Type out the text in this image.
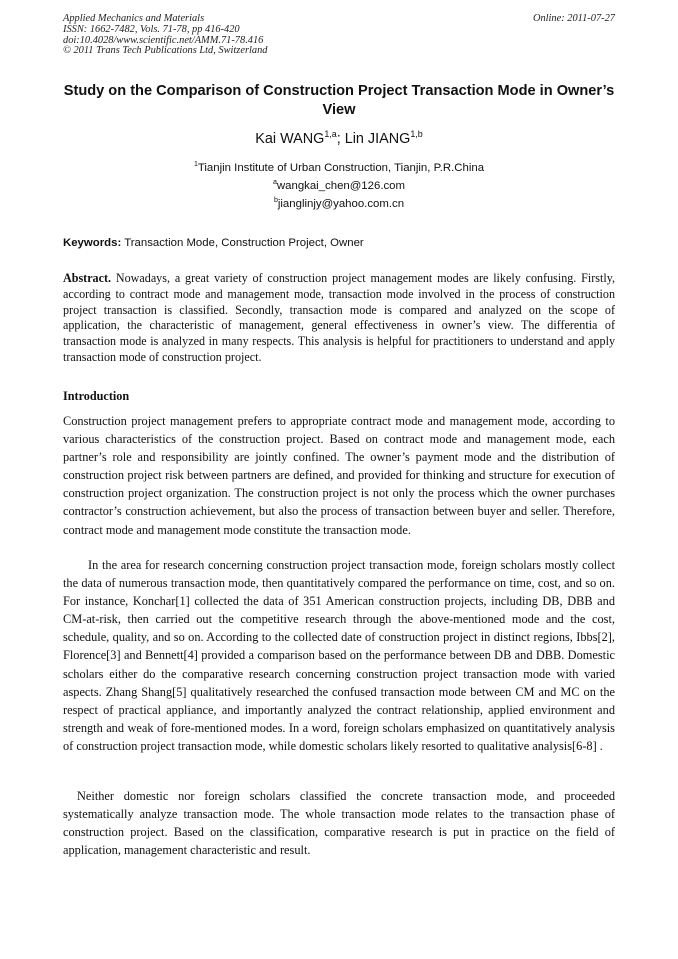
Applied Mechanics and Materials
ISSN: 1662-7482, Vols. 71-78, pp 416-420
doi:10.4028/www.scientific.net/AMM.71-78.416
© 2011 Trans Tech Publications Ltd, Switzerland
Online: 2011-07-27
Study on the Comparison of Construction Project Transaction Mode in Owner’s View
Kai WANG$^{1,a}$; Lin JIANG$^{1,b}$
$^1$Tianjin Institute of Urban Construction, Tianjin, P.R.China
$^a$wangkai_chen@126.com
$^b$jianglinjy@yahoo.com.cn
Keywords: Transaction Mode, Construction Project, Owner
Abstract. Nowadays, a great variety of construction project management modes are likely confusing. Firstly, according to contract mode and management mode, transaction mode involved in the process of construction project transaction is classified. Secondly, transaction mode is compared and analyzed on the scope of application, the characteristic of management, general effectiveness in owner’s view. The differentia of transaction mode is analyzed in many respects. This analysis is helpful for practitioners to understand and apply transaction mode of construction project.
Introduction

Construction project management prefers to appropriate contract mode and management mode, according to various characteristics of the construction project. Based on contract mode and management mode, each partner’s role and responsibility are jointly confined. The owner’s payment mode and the distribution of construction project risk between partners are defined, and provided for thinking and structure for execution of construction project organization. The construction project is not only the process which the owner purchases contractor’s construction achievement, but also the process of transaction between buyer and seller. Therefore, contract mode and management mode constitute the transaction mode.

In the area for research concerning construction project transaction mode, foreign scholars mostly collect the data of numerous transaction mode, then quantitatively compared the performance on time, cost, and so on. For instance, Konchar[1] collected the data of 351 American construction projects, including DB, DBB and CM-at-risk, then carried out the competitive research through the above-mentioned mode and the cost, schedule, quality, and so on. According to the collected date of construction project in distinct regions, Ibbs[2], Florence[3] and Bennett[4] provided a comparison based on the performance between DB and DBB. Domestic scholars either do the comparative research concerning construction project transaction mode with varied aspects. Zhang Shang[5] qualitatively researched the confused transaction mode between CM and MC on the respect of practical appliance, and importantly analyzed the contract relationship, applied environment and strength and weak of fore-mentioned modes. In a word, foreign scholars emphasized on quantitatively analysis of construction project transaction mode, while domestic scholars likely resorted to qualitative analysis[6-8] .

Neither domestic nor foreign scholars classified the concrete transaction mode, and proceeded systematically analyze transaction mode. The whole transaction mode relates to the transaction phase of construction project. Based on the classification, comparative research is put in practice on the field of application, management characteristic and result.
